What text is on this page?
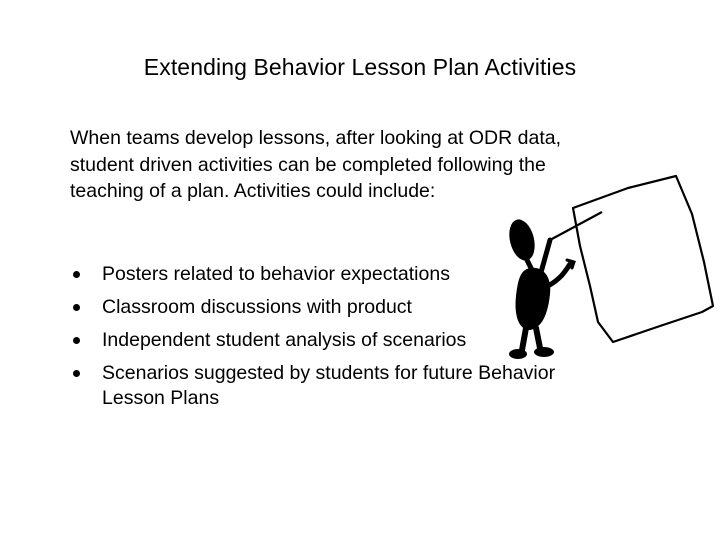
Extending Behavior Lesson Plan Activities
When teams develop lessons, after looking at ODR data,
student driven activities can be completed following the
teaching of a plan. Activities could include:
Posters related to behavior expectations
Classroom discussions with product
Independent student analysis of scenarios
Scenarios suggested by students for future Behavior
Lesson Plans
